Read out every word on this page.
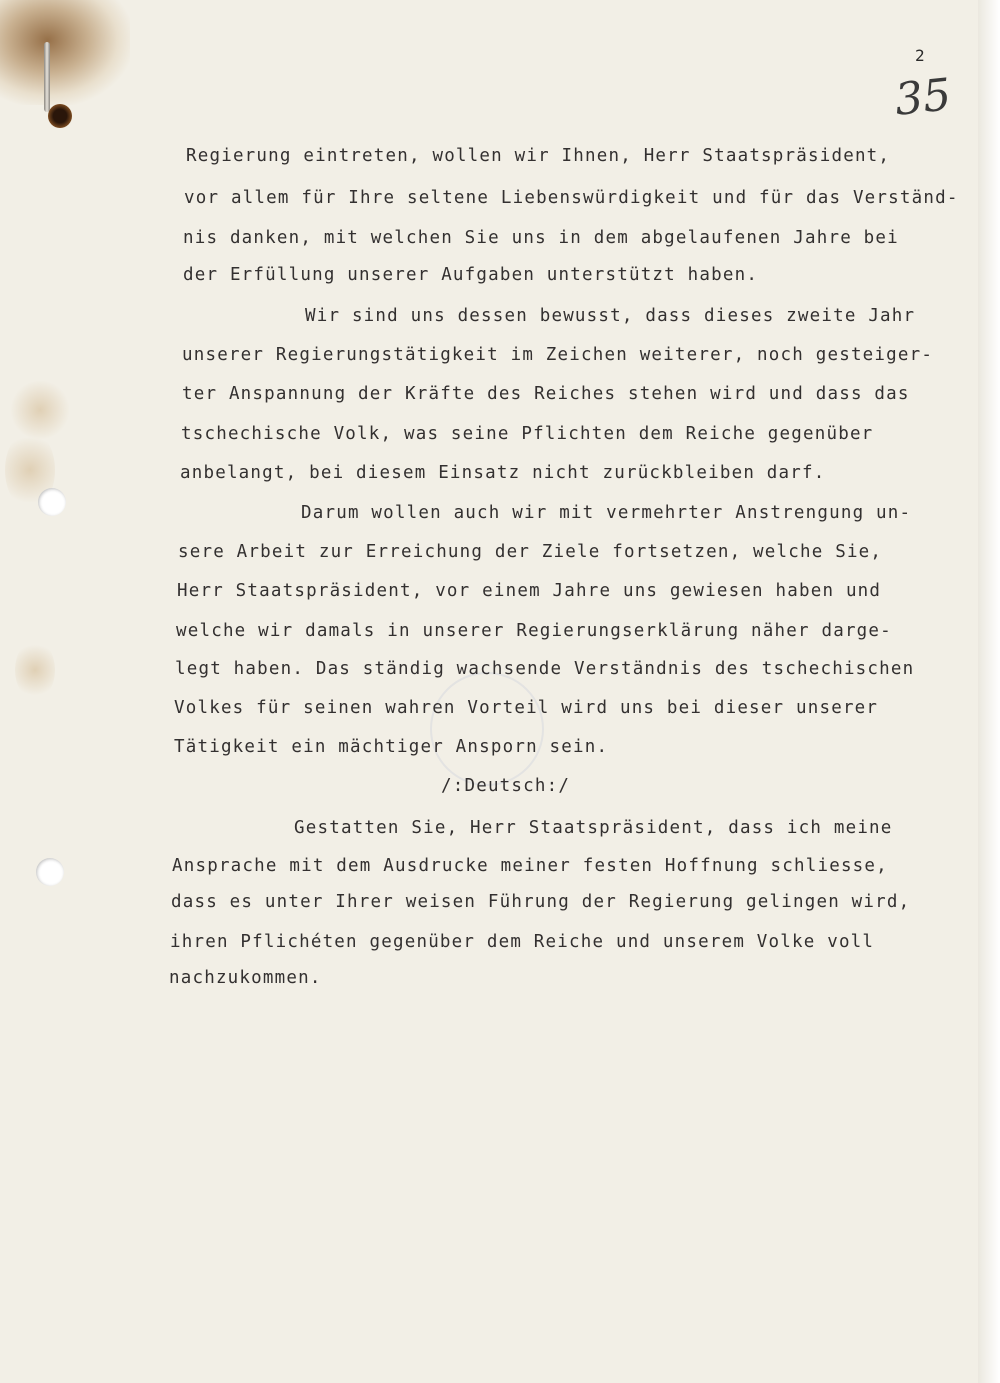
2
35
Regierung eintreten, wollen wir Ihnen, Herr Staatspräsident,
vor allem für Ihre seltene Liebenswürdigkeit und für das Verständ-
nis danken, mit welchen Sie uns in dem abgelaufenen Jahre bei
der Erfüllung unserer Aufgaben unterstützt haben.
Wir sind uns dessen bewusst, dass dieses zweite Jahr
unserer Regierungstätigkeit im Zeichen weiterer, noch gesteiger-
ter Anspannung der Kräfte des Reiches stehen wird und dass das
tschechische Volk, was seine Pflichten dem Reiche gegenüber
anbelangt, bei diesem Einsatz nicht zurückbleiben darf.
Darum wollen auch wir mit vermehrter Anstrengung un-
sere Arbeit zur Erreichung der Ziele fortsetzen, welche Sie,
Herr Staatspräsident, vor einem Jahre uns gewiesen haben und
welche wir damals in unserer Regierungserklärung näher darge-
legt haben. Das ständig wachsende Verständnis des tschechischen
Volkes für seinen wahren Vorteil wird uns bei dieser unserer
Tätigkeit ein mächtiger Ansporn sein.
/:Deutsch:/
Gestatten Sie, Herr Staatspräsident, dass ich meine
Ansprache mit dem Ausdrucke meiner festen Hoffnung schliesse,
dass es unter Ihrer weisen Führung der Regierung gelingen wird,
ihren Pflichéten gegenüber dem Reiche und unserem Volke voll
nachzukommen.
